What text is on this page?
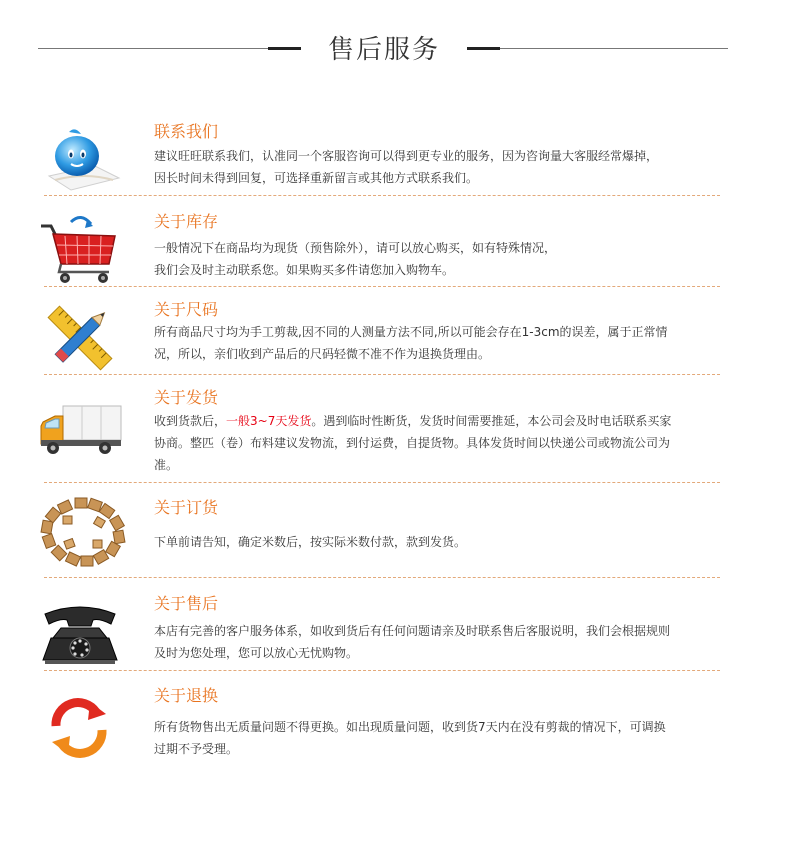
售后服务
联系我们
建议旺旺联系我们，认准同一个客服咨询可以得到更专业的服务，因为咨询量大客服经常爆掉，
因长时间未得到回复，可选择重新留言或其他方式联系我们。
关于库存
一般情况下在商品均为现货（预售除外），请可以放心购买，如有特殊情况，
我们会及时主动联系您。如果购买多件请您加入购物车。
关于尺码
所有商品尺寸均为手工剪裁,因不同的人测量方法不同,所以可能会存在1-3cm的误差，属于正常情
况，所以，亲们收到产品后的尺码轻微不准不作为退换货理由。
关于发货
收到货款后，一般3~7天发货。遇到临时性断货，发货时间需要推延，本公司会及时电话联系买家
协商。整匹（卷）布料建议发物流，到付运费，自提货物。具体发货时间以快递公司或物流公司为
准。
关于订货
下单前请告知，确定米数后，按实际米数付款，款到发货。
关于售后
本店有完善的客户服务体系，如收到货后有任何问题请亲及时联系售后客服说明，我们会根据规则
及时为您处理，您可以放心无忧购物。
关于退换
所有货物售出无质量问题不得更换。如出现质量问题，收到货7天内在没有剪裁的情况下，可调换
过期不予受理。
